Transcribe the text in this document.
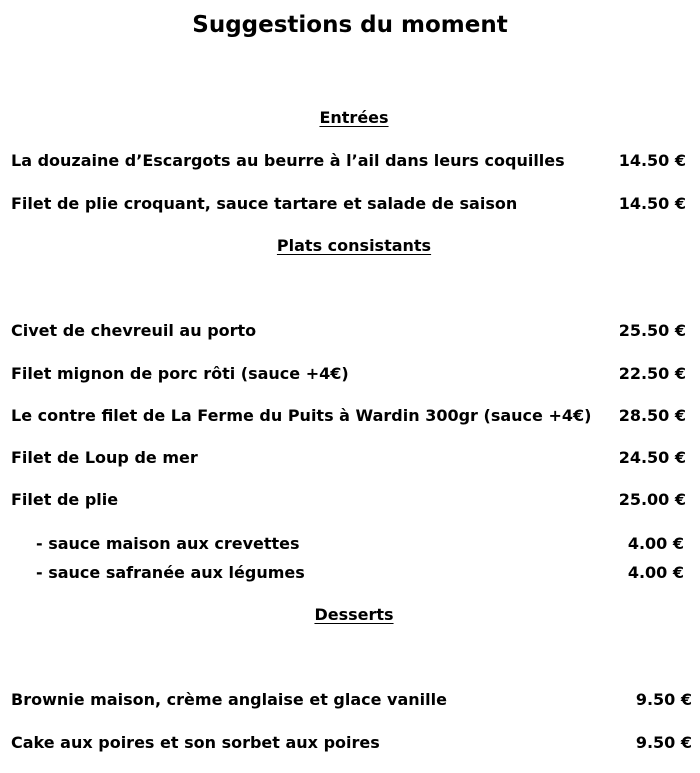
Suggestions du moment
Entrées
La douzaine d’Escargots au beurre à l’ail dans leurs coquilles	14.50 €
Filet de plie croquant, sauce tartare et salade de saison	14.50 €
Plats consistants
Civet de chevreuil au porto	25.50 €
Filet mignon de porc rôti (sauce +4€)	22.50 €
Le contre filet de La Ferme du Puits à Wardin 300gr (sauce +4€) 28.50 €
Filet de Loup de mer	24.50 €
Filet de plie	25.00 €
- sauce maison aux crevettes	4.00 €
- sauce safranée aux légumes	4.00 €
Desserts
Brownie maison, crème anglaise et glace vanille	9.50 €
Cake aux poires et son sorbet aux poires	9.50 €
